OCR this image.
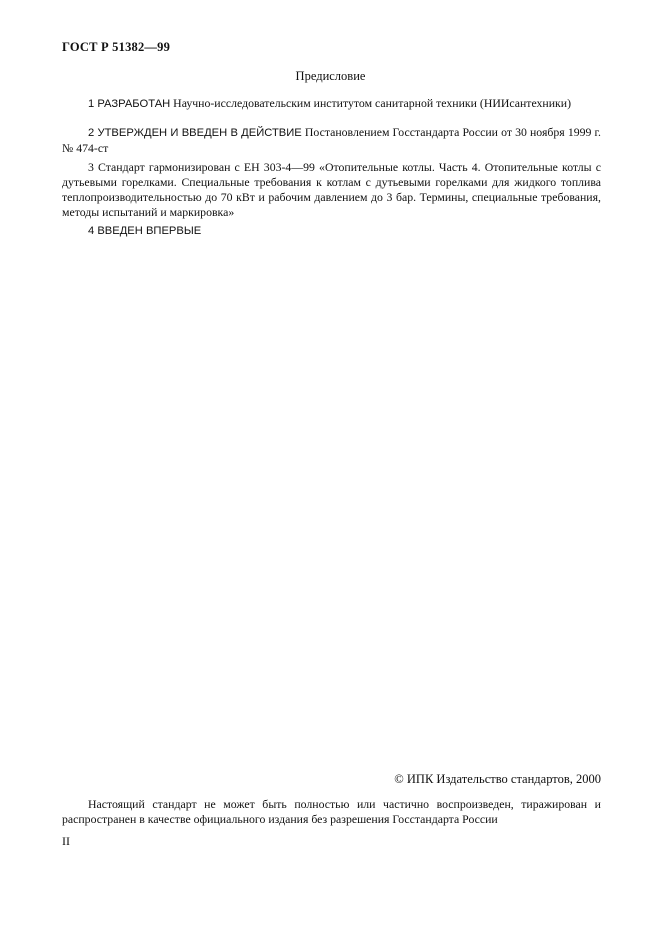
ГОСТ Р 51382—99
Предисловие
1 РАЗРАБОТАН Научно-исследовательским институтом санитарной техники (НИИсантехники)
2 УТВЕРЖДЕН И ВВЕДЕН В ДЕЙСТВИЕ Постановлением Госстандарта России от 30 ноября 1999 г. № 474-ст
3 Стандарт гармонизирован с ЕН 303-4—99 «Отопительные котлы. Часть 4. Отопительные котлы с дутьевыми горелками. Специальные требования к котлам с дутьевыми горелками для жидкого топлива теплопроизводительностью до 70 кВт и рабочим давлением до 3 бар. Термины, специальные требования, методы испытаний и маркировка»
4 ВВЕДЕН ВПЕРВЫЕ
© ИПК Издательство стандартов, 2000
Настоящий стандарт не может быть полностью или частично воспроизведен, тиражирован и распространен в качестве официального издания без разрешения Госстандарта России
II
